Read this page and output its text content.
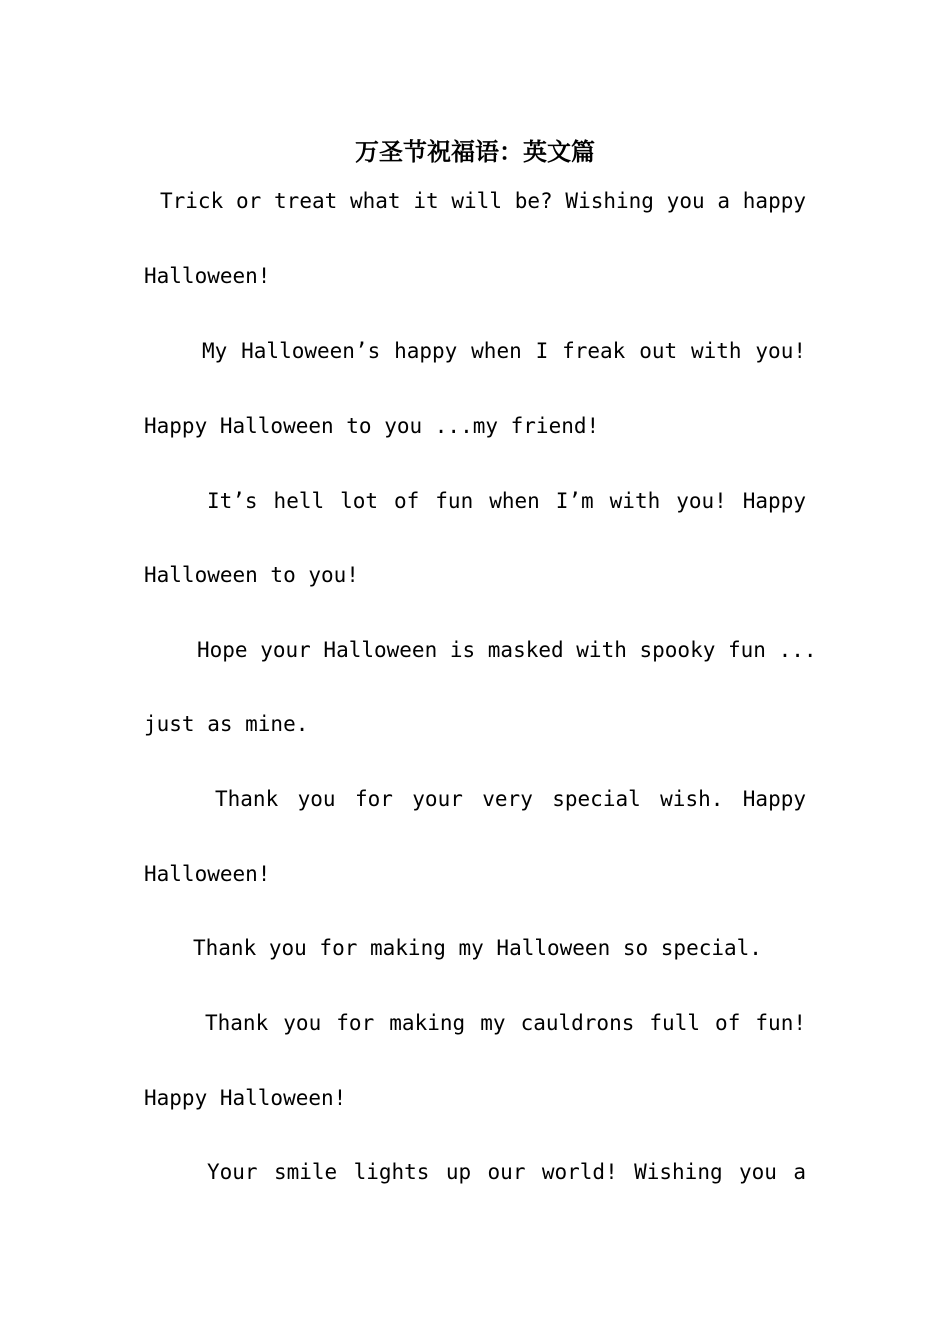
万圣节祝福语：英文篇

Trick or treat what it will be? Wishing you a happy

Halloween!

My Halloween’s happy when I freak out with you!

Happy Halloween to you ...my friend!

It’s hell lot of fun when I’m with you! Happy

Halloween to you!

Hope your Halloween is masked with spooky fun ...

just as mine.

Thank you for your very special wish. Happy

Halloween!

Thank you for making my Halloween so special.

Thank you for making my cauldrons full of fun!

Happy Halloween!

Your smile lights up our world! Wishing you a
